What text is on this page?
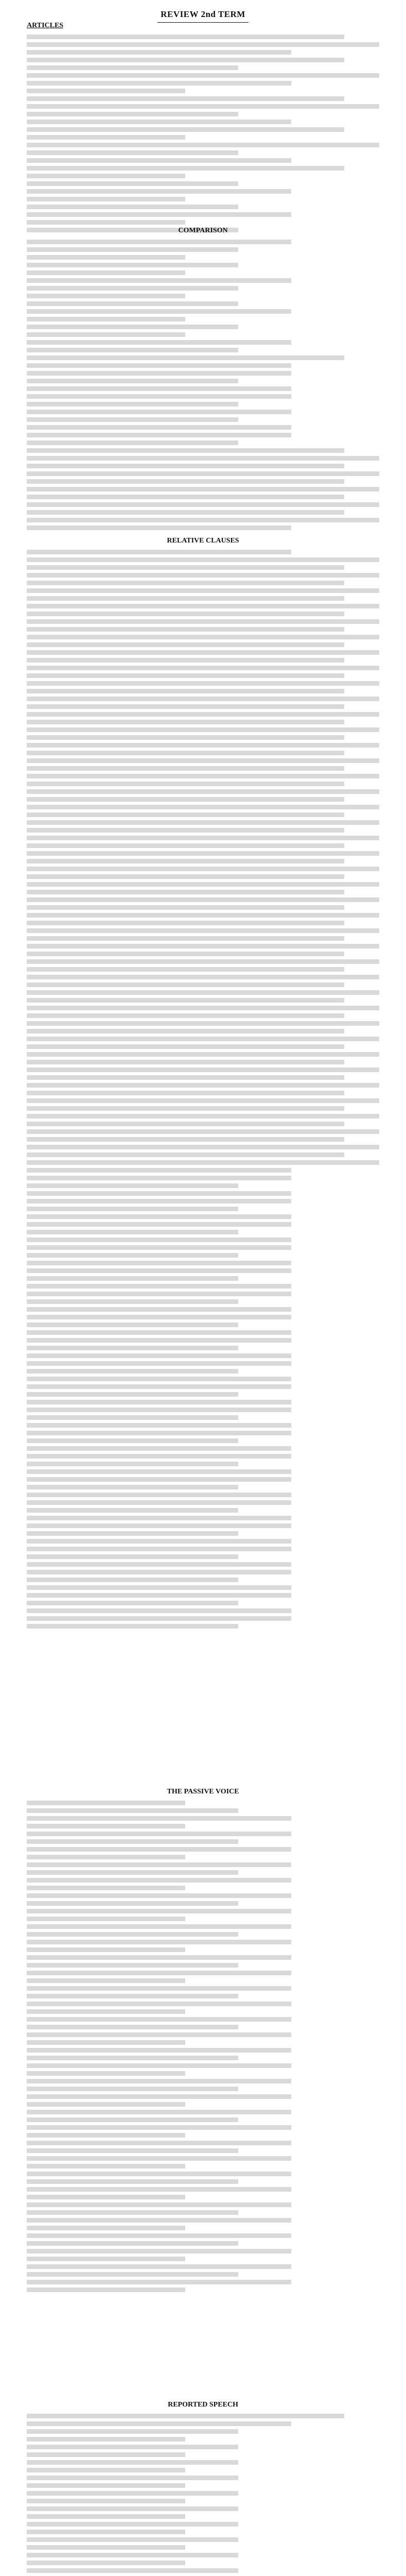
REVIEW 2nd TERM
ARTICLES
COMPARISON
RELATIVE CLAUSES
THE PASSIVE VOICE
REPORTED SPEECH
